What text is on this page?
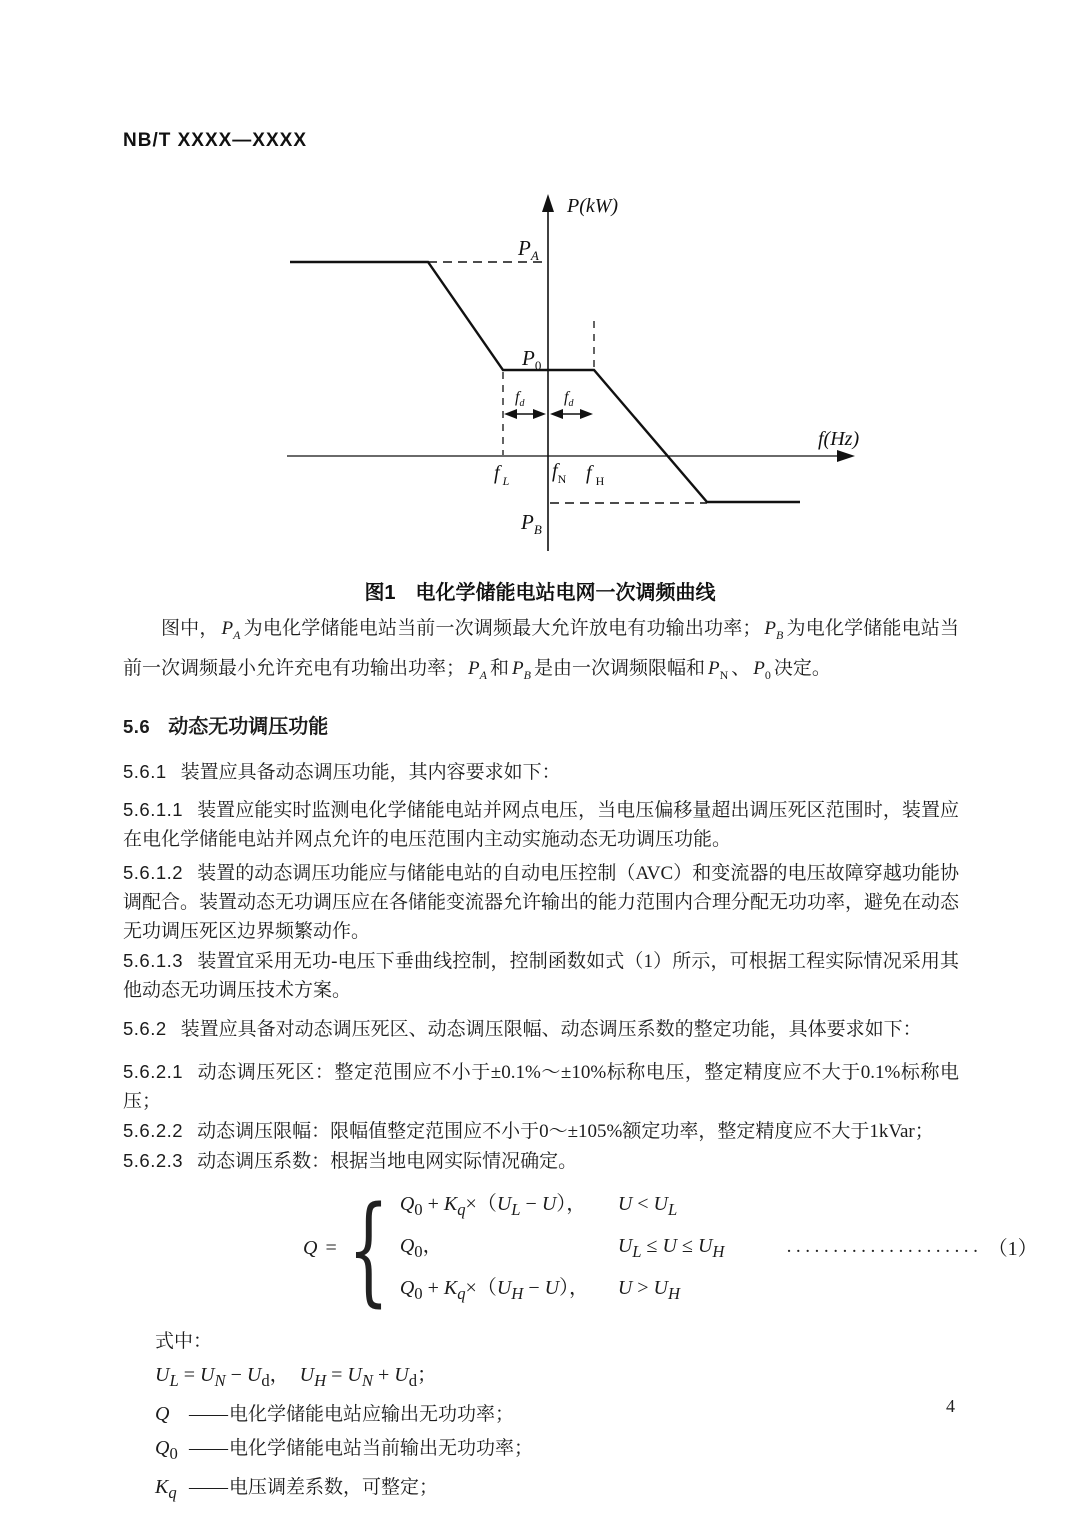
NB/T XXXX—XXXX
P(kW)
f(Hz)
$P_A$
$P_0$
$P_B$
f $_L$ $f_N$ f $_H$
$f_d$ $f_d$
图1　电化学储能电站电网一次调频曲线

图中， $P_A$ 为电化学储能电站当前一次调频最大允许放电有功输出功率； $P_B$ 为电化学储能电站当前一次调频最小允许充电有功输出功率； $P_A$ 和 $P_B$ 是由一次调频限幅和 $P_N$ 、 $P_0$ 决定。

5.6 动态无功调压功能

5.6.1 装置应具备动态调压功能，其内容要求如下：

5.6.1.1 装置应能实时监测电化学储能电站并网点电压，当电压偏移量超出调压死区范围时，装置应在电化学储能电站并网点允许的电压范围内主动实施动态无功调压功能。

5.6.1.2 装置的动态调压功能应与储能电站的自动电压控制（AVC）和变流器的电压故障穿越功能协调配合。装置动态无功调压应在各储能变流器允许输出的能力范围内合理分配无功功率，避免在动态无功调压死区边界频繁动作。

5.6.1.3 装置宜采用无功-电压下垂曲线控制，控制函数如式（1）所示，可根据工程实际情况采用其他动态无功调压技术方案。

5.6.2 装置应具备对动态调压死区、动态调压限幅、动态调压系数的整定功能，具体要求如下：

5.6.2.1 动态调压死区：整定范围应不小于±0.1%～±10%标称电压，整定精度应不大于0.1%标称电压；

5.6.2.2 动态调压限幅：限幅值整定范围应不小于0～±105%额定功率，整定精度应不大于1kVar；

5.6.2.3 动态调压系数：根据当地电网实际情况确定。

Q = { $Q_0 + K_q\times(U_L - U)$，	$U < U_L$
$Q_0$，	$U_L \le U \le U_H$
$Q_0 + K_q\times(U_H - U)$，	$U > U_H$
····················· （1）
式中：
$U_L = U_N - U_d$， $U_H = U_N + U_d$；
Q —— 电化学储能电站应输出无功功率；
$Q_0$ —— 电化学储能电站当前输出无功功率；
$K_q$ —— 电压调差系数，可整定；
4
